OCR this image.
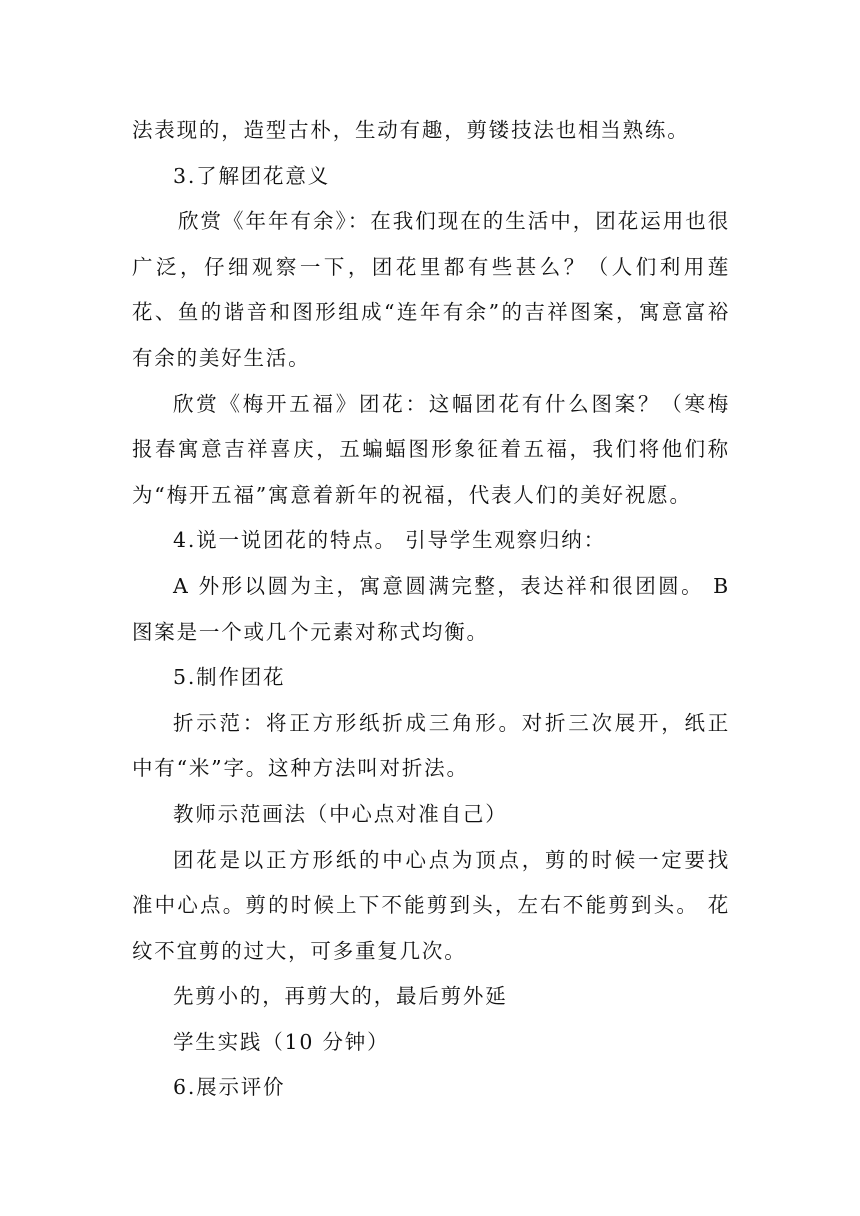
法表现的，造型古朴，生动有趣，剪镂技法也相当熟练。

3.了解团花意义

欣赏《年年有余》：在我们现在的生活中，团花运用也很广泛，仔细观察一下，团花里都有些甚么？（人们利用莲花、鱼的谐音和图形组成“连年有余”的吉祥图案，寓意富裕有余的美好生活。

欣赏《梅开五福》团花：这幅团花有什么图案？（寒梅报春寓意吉祥喜庆，五蝙蝠图形象征着五福，我们将他们称为“梅开五福”寓意着新年的祝福，代表人们的美好祝愿。

4.说一说团花的特点。 引导学生观察归纳：

A 外形以圆为主，寓意圆满完整，表达祥和很团圆。 B 图案是一个或几个元素对称式均衡。

5.制作团花

折示范：将正方形纸折成三角形。对折三次展开，纸正中有“米”字。这种方法叫对折法。

教师示范画法（中心点对准自己）

团花是以正方形纸的中心点为顶点，剪的时候一定要找准中心点。剪的时候上下不能剪到头，左右不能剪到头。 花纹不宜剪的过大，可多重复几次。

先剪小的，再剪大的，最后剪外延

学生实践（10 分钟）

6.展示评价
